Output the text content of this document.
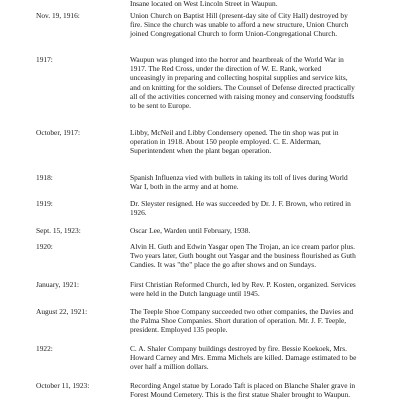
Insane located on West Lincoln Street in Waupun.
Nov. 19, 1916:	Union Church on Baptist Hill (present-day site of City Hall) destroyed by
fire. Since the church was unable to afford a new structure, Union Church
joined Congregational Church to form Union-Congregational Church.
1917:	Waupun was plunged into the horror and heartbreak of the World War in
1917. The Red Cross, under the direction of W. E. Rank, worked
unceasingly in preparing and collecting hospital supplies and service kits,
and on knitting for the soldiers. The Counsel of Defense directed practically
all of the activities concerned with raising money and conserving foodstuffs
to be sent to Europe.
October, 1917:	Libby, McNeil and Libby Condensery opened. The tin shop was put in
operation in 1918. About 150 people employed. C. E. Alderman,
Superintendent when the plant began operation.
1918:	Spanish Influenza vied with bullets in taking its toll of lives during World
War I, both in the army and at home.
1919:	Dr. Sleyster resigned. He was succeeded by Dr. J. F. Brown, who retired in
1926.
Sept. 15, 1923:	Oscar Lee, Warden until February, 1938.
1920:	Alvin H. Guth and Edwin Yasgar open The Trojan, an ice cream parlor plus.
Two years later, Guth bought out Yasgar and the business flourished as Guth
Candies. It was "the" place the go after shows and on Sundays.
January, 1921:	First Christian Reformed Church, led by Rev. P. Kosten, organized. Services
were held in the Dutch language until 1945.
August 22, 1921:	The Teeple Shoe Company succeeded two other companies, the Davies and
the Palma Shoe Companies. Short duration of operation. Mr. J. F. Teeple,
president. Employed 135 people.
1922:	C. A. Shaler Company buildings destroyed by fire. Bessie Koekoek, Mrs.
Howard Carney and Mrs. Emma Michels are killed. Damage estimated to be
over half a million dollars.
October 11, 1923:	Recording Angel statue by Lorado Taft is placed on Blanche Shaler grave in
Forest Mound Cemetery. This is the first statue Shaler brought to Waupun.
